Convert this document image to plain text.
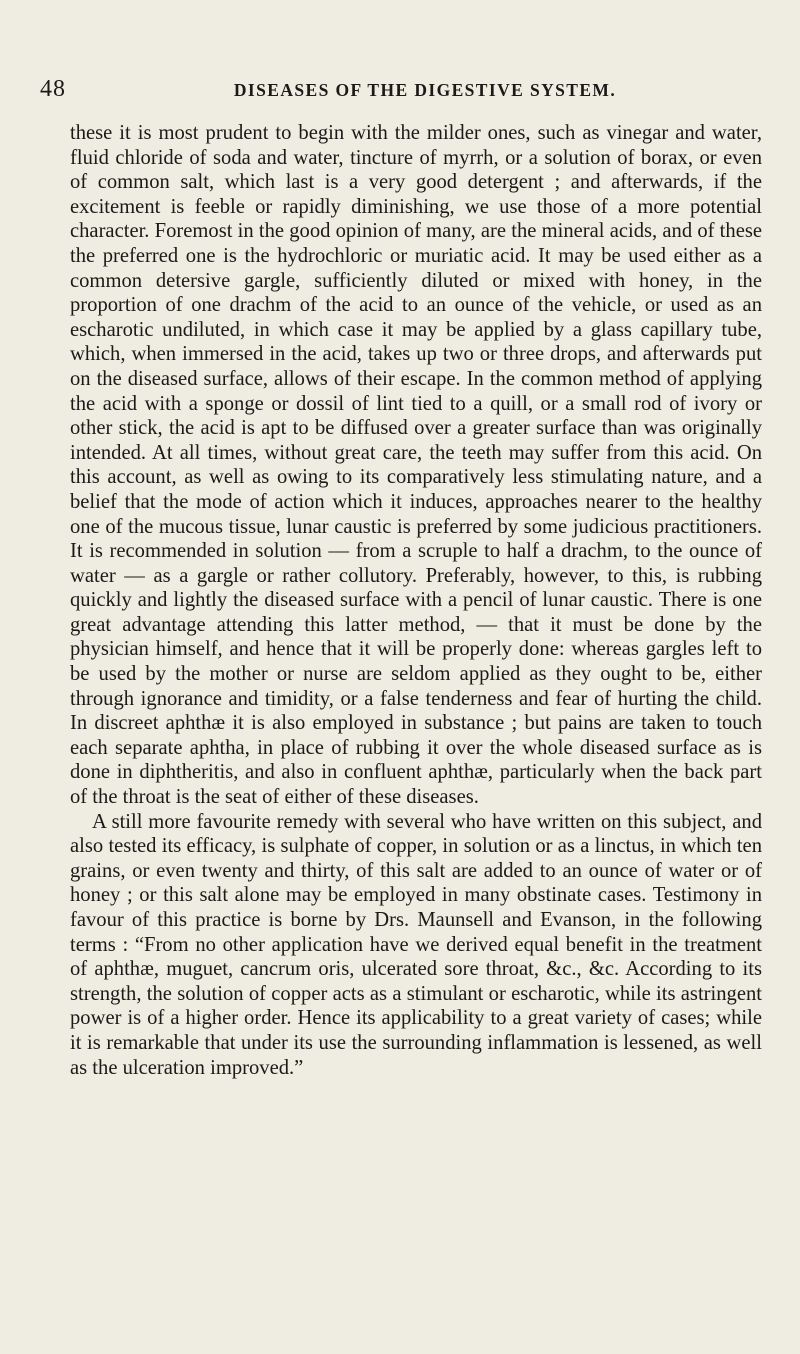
48	DISEASES OF THE DIGESTIVE SYSTEM.

these it is most prudent to begin with the milder ones, such as vinegar and water, fluid chloride of soda and water, tincture of myrrh, or a solution of borax, or even of common salt, which last is a very good detergent ; and afterwards, if the excitement is feeble or rapidly diminishing, we use those of a more potential character. Foremost in the good opinion of many, are the mineral acids, and of these the preferred one is the hydrochloric or muriatic acid. It may be used either as a common detersive gargle, sufficiently diluted or mixed with honey, in the proportion of one drachm of the acid to an ounce of the vehicle, or used as an escharotic undiluted, in which case it may be applied by a glass capillary tube, which, when immersed in the acid, takes up two or three drops, and afterwards put on the diseased surface, allows of their escape. In the common method of applying the acid with a sponge or dossil of lint tied to a quill, or a small rod of ivory or other stick, the acid is apt to be diffused over a greater surface than was originally intended. At all times, without great care, the teeth may suffer from this acid. On this account, as well as owing to its comparatively less stimulating nature, and a belief that the mode of action which it induces, approaches nearer to the healthy one of the mucous tissue, lunar caustic is preferred by some judicious practitioners. It is recommended in solution — from a scruple to half a drachm, to the ounce of water — as a gargle or rather collutory. Preferably, however, to this, is rubbing quickly and lightly the diseased surface with a pencil of lunar caustic. There is one great advantage attending this latter method, — that it must be done by the physician himself, and hence that it will be properly done: whereas gargles left to be used by the mother or nurse are seldom applied as they ought to be, either through ignorance and timidity, or a false tenderness and fear of hurting the child. In discreet aphthæ it is also employed in substance ; but pains are taken to touch each separate aphtha, in place of rubbing it over the whole diseased surface as is done in diphtheritis, and also in confluent aphthæ, particularly when the back part of the throat is the seat of either of these diseases.

A still more favourite remedy with several who have written on this subject, and also tested its efficacy, is sulphate of copper, in solution or as a linctus, in which ten grains, or even twenty and thirty, of this salt are added to an ounce of water or of honey ; or this salt alone may be employed in many obstinate cases. Testimony in favour of this practice is borne by Drs. Maunsell and Evanson, in the following terms : “From no other application have we derived equal benefit in the treatment of aphthæ, muguet, cancrum oris, ulcerated sore throat, &c., &c. According to its strength, the solution of copper acts as a stimulant or escharotic, while its astringent power is of a higher order. Hence its applicability to a great variety of cases; while it is remarkable that under its use the surrounding inflammation is lessened, as well as the ulceration improved.”
